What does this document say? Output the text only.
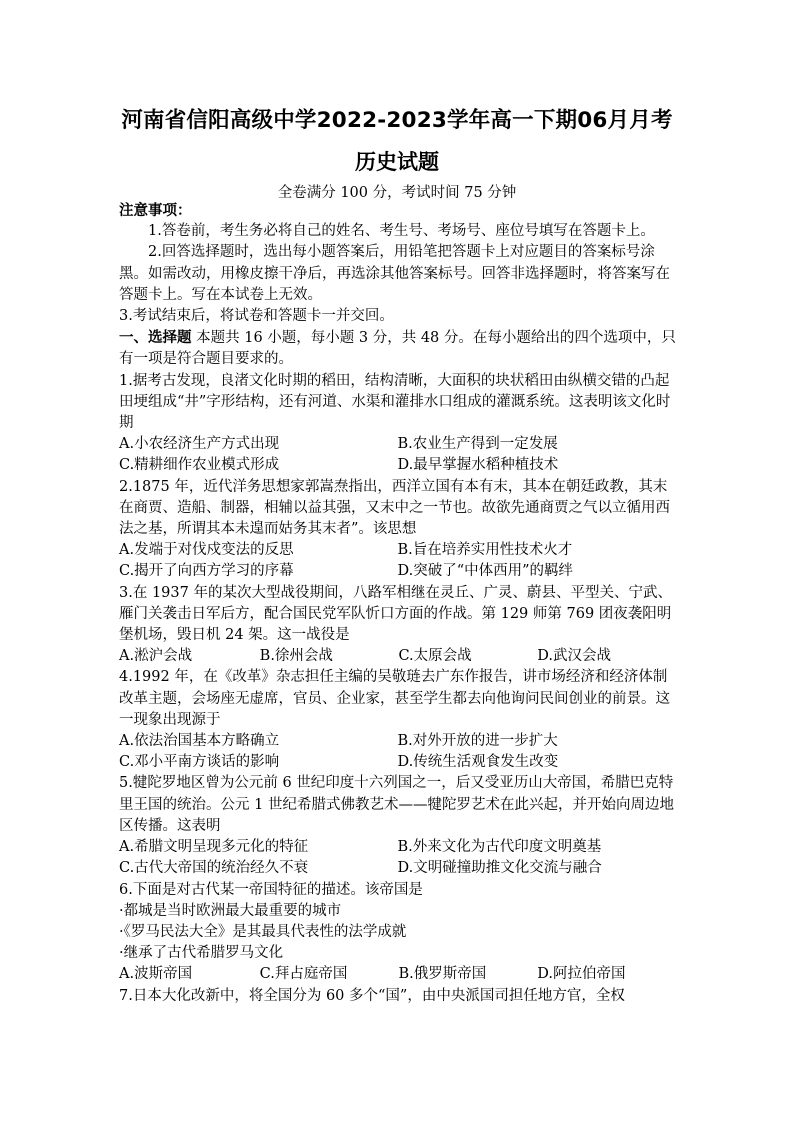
河南省信阳高级中学2022-2023学年高一下期06月月考
历史试题
全卷满分 100 分，考试时间 75 分钟

注意事项：

1.答卷前，考生务必将自己的姓名、考生号、考场号、座位号填写在答题卡上。

2.回答选择题时，选出每小题答案后，用铅笔把答题卡上对应题目的答案标号涂黑。如需改动，用橡皮擦干净后，再选涂其他答案标号。回答非选择题时，将答案写在答题卡上。写在本试卷上无效。

3.考试结束后，将试卷和答题卡一并交回。

一、选择题 本题共 16 小题，每小题 3 分，共 48 分。在每小题给出的四个选项中，只有一项是符合题目要求的。

1.据考古发现，良渚文化时期的稻田，结构清晰，大面积的块状稻田由纵横交错的凸起田埂组成“井”字形结构，还有河道、水渠和灌排水口组成的灌溉系统。这表明该文化时期

A.小农经济生产方式出现	B.农业生产得到一定发展
C.精耕细作农业模式形成	D.最早掌握水稻种植技术

2.1875 年，近代洋务思想家郭嵩焘指出，西洋立国有本有末，其本在朝廷政教，其末在商贾、造船、制器，相辅以益其强，又末中之一节也。故欲先通商贾之气以立循用西法之基，所谓其本未遑而姑务其末者”。该思想

A.发端于对伐戍变法的反思	B.旨在培养实用性技术火才
C.揭开了向西方学习的序幕	D.突破了“中体西用”的羁绊

3.在 1937 年的某次大型战役期间，八路军相继在灵丘、广灵、蔚县、平型关、宁武、雁门关袭击日军后方，配合国民党军队忻口方面的作战。第 129 师第 769 团夜袭阳明堡机场，毁日机 24 架。这一战役是

A.淞沪会战	B.徐州会战	C.太原会战	D.武汉会战

4.1992 年，在《改革》杂志担任主编的吴敬琏去广东作报告，讲市场经济和经济体制改革主题，会场座无虚席，官员、企业家，甚至学生都去向他询问民间创业的前景。这一现象出现源于

A.依法治国基本方略确立	B.对外开放的进一步扩大
C.邓小平南方谈话的影响	D.传统生活观食发生改变

5.犍陀罗地区曾为公元前 6 世纪印度十六列国之一，后又受亚历山大帝国，希腊巴克特里王国的统治。公元 1 世纪希腊式佛教艺术——犍陀罗艺术在此兴起，并开始向周边地区传播。这表明

A.希腊文明呈现多元化的特征	B.外来文化为古代印度文明奠基
C.古代大帝国的统治经久不衰	D.文明碰撞助推文化交流与融合

6.下面是对古代某一帝国特征的描述。该帝国是

·都城是当时欧洲最大最重要的城市

·《罗马民法大全》是其最具代表性的法学成就

·继承了古代希腊罗马文化

A.波斯帝国	C.拜占庭帝国	B.俄罗斯帝国	D.阿拉伯帝国

7.日本大化改新中，将全国分为 60 多个“国”，由中央派国司担任地方官，全权
